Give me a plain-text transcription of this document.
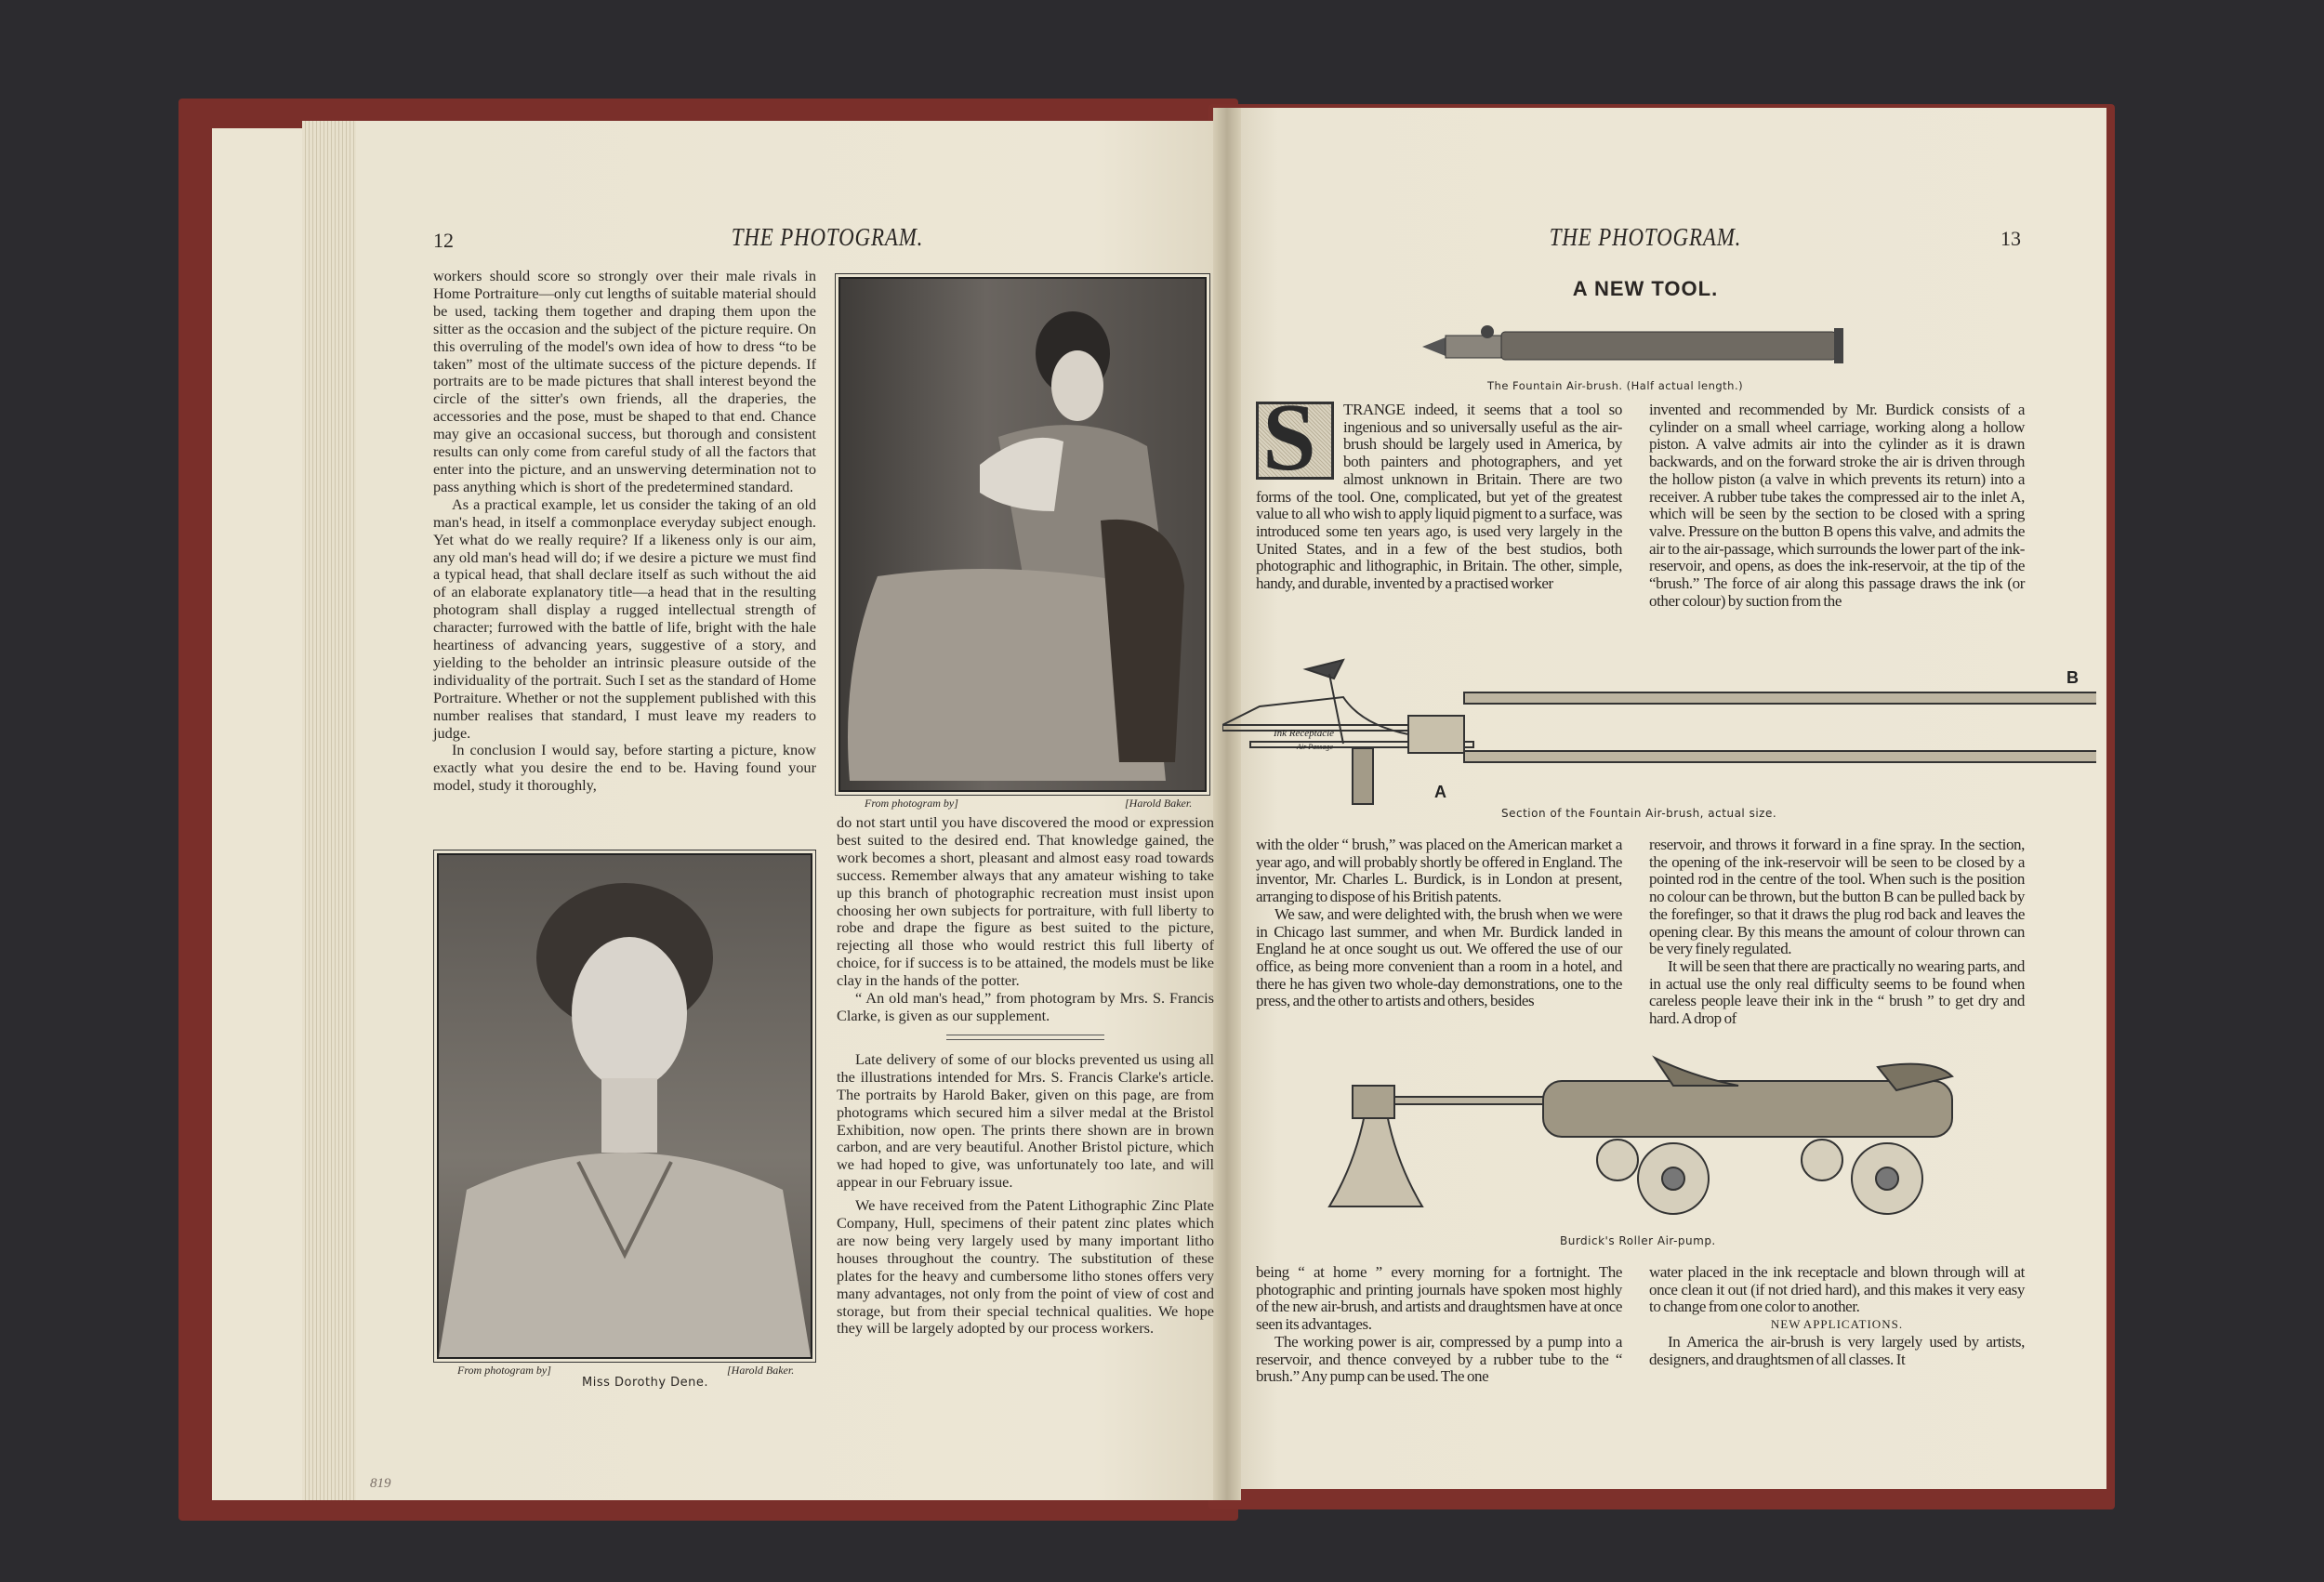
12	THE PHOTOGRAM.

workers should score so strongly over their male rivals in Home Portraiture—only cut lengths of suitable material should be used, tacking them together and draping them upon the sitter as the occasion and the subject of the picture require. On this overruling of the model's own idea of how to dress “to be taken” most of the ultimate success of the picture depends. If portraits are to be made pictures that shall interest beyond the circle of the sitter's own friends, all the draperies, the accessories and the pose, must be shaped to that end. Chance may give an occasional success, but thorough and consistent results can only come from careful study of all the factors that enter into the picture, and an unswerving determination not to pass anything which is short of the predetermined standard.

As a practical example, let us consider the taking of an old man's head, in itself a commonplace everyday subject enough. Yet what do we really require? If a likeness only is our aim, any old man's head will do; if we desire a picture we must find a typical head, that shall declare itself as such without the aid of an elaborate explanatory title—a head that in the resulting photogram shall display a rugged intellectual strength of character; furrowed with the battle of life, bright with the hale heartiness of advancing years, suggestive of a story, and yielding to the beholder an intrinsic pleasure outside of the individuality of the portrait. Such I set as the standard of Home Portraiture. Whether or not the supplement published with this number realises that standard, I must leave my readers to judge.

In conclusion I would say, before starting a picture, know exactly what you desire the end to be. Having found your model, study it thoroughly,

From photogram by]	[Harold Baker.
From photogram by]	[Harold Baker.
Miss Dorothy Dene.

do not start until you have discovered the mood or expression best suited to the desired end. That knowledge gained, the work becomes a short, pleasant and almost easy road towards success. Remember always that any amateur wishing to take up this branch of photographic recreation must insist upon choosing her own subjects for portraiture, with full liberty to robe and drape the figure as best suited to the picture, rejecting all those who would restrict this full liberty of choice, for if success is to be attained, the models must be like clay in the hands of the potter.

“ An old man's head,” from photogram by Mrs. S. Francis Clarke, is given as our supplement.

Late delivery of some of our blocks prevented us using all the illustrations intended for Mrs. S. Francis Clarke's article. The portraits by Harold Baker, given on this page, are from photograms which secured him a silver medal at the Bristol Exhibition, now open. The prints there shown are in brown carbon, and are very beautiful. Another Bristol picture, which we had hoped to give, was unfortunately too late, and will appear in our February issue.

We have received from the Patent Lithographic Zinc Plate Company, Hull, specimens of their patent zinc plates which are now being very largely used by many important litho houses throughout the country. The substitution of these plates for the heavy and cumbersome litho stones offers very many advantages, not only from the point of view of cost and storage, but from their special technical qualities. We hope they will be largely adopted by our process workers.

819
THE PHOTOGRAM.	13
A NEW TOOL.
The Fountain Air-brush. (Half actual length.)
S	TRANGE indeed, it seems that a tool so ingenious and so universally useful as the air-brush should be largely used in America, by both painters and photographers, and yet almost unknown in Britain. There are two forms of the tool. One, complicated, but yet of the greatest value to all who wish to apply liquid pigment to a surface, was introduced some ten years ago, is used very largely in the United States, and in a few of the best studios, both photographic and lithographic, in Britain. The other, simple, handy, and durable, invented by a practised worker

invented and recommended by Mr. Burdick consists of a cylinder on a small wheel carriage, working along a hollow piston. A valve admits air into the cylinder as it is drawn backwards, and on the forward stroke the air is driven through the hollow piston (a valve in which prevents its return) into a receiver. A rubber tube takes the compressed air to the inlet A, which will be seen by the section to be closed with a spring valve. Pressure on the button B opens this valve, and admits the air to the air-passage, which surrounds the lower part of the ink-reservoir, and opens, as does the ink-reservoir, at the tip of the “brush.” The force of air along this passage draws the ink (or other colour) by suction from the

Ink Receptacle
Air Passage
A
B
Section of the Fountain Air-brush, actual size.

with the older “ brush,” was placed on the American market a year ago, and will probably shortly be offered in England. The inventor, Mr. Charles L. Burdick, is in London at present, arranging to dispose of his British patents.

We saw, and were delighted with, the brush when we were in Chicago last summer, and when Mr. Burdick landed in England he at once sought us out. We offered the use of our office, as being more convenient than a room in a hotel, and there he has given two whole-day demonstrations, one to the press, and the other to artists and others, besides

reservoir, and throws it forward in a fine spray. In the section, the opening of the ink-reservoir will be seen to be closed by a pointed rod in the centre of the tool. When such is the position no colour can be thrown, but the button B can be pulled back by the forefinger, so that it draws the plug rod back and leaves the opening clear. By this means the amount of colour thrown can be very finely regulated.

It will be seen that there are practically no wearing parts, and in actual use the only real difficulty seems to be found when careless people leave their ink in the “ brush ” to get dry and hard. A drop of

Burdick's Roller Air-pump.

being “ at home ” every morning for a fortnight. The photographic and printing journals have spoken most highly of the new air-brush, and artists and draughtsmen have at once seen its advantages.

The working power is air, compressed by a pump into a reservoir, and thence conveyed by a rubber tube to the “ brush.” Any pump can be used. The one

water placed in the ink receptacle and blown through will at once clean it out (if not dried hard), and this makes it very easy to change from one color to another.

NEW APPLICATIONS.

In America the air-brush is very largely used by artists, designers, and draughtsmen of all classes. It
